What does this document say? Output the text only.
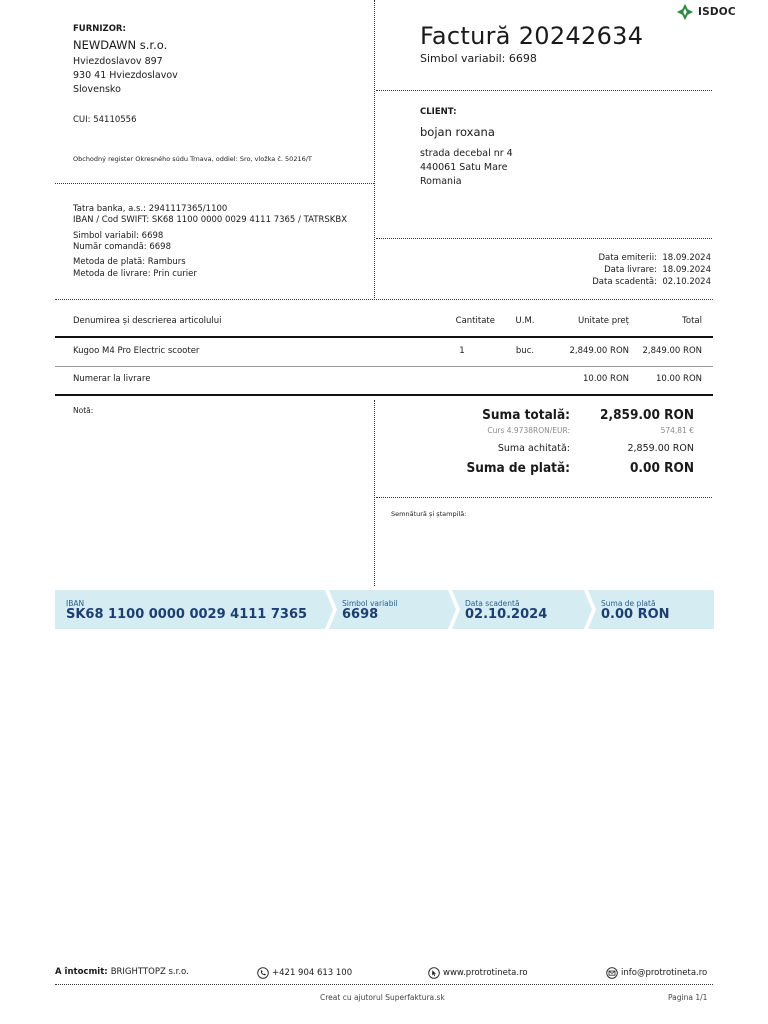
ISDOC
FURNIZOR:
NEWDAWN s.r.o.
Hviezdoslavov 897
930 41 Hviezdoslavov
Slovensko
CUI: 54110556
Obchodný register Okresného súdu Trnava, oddiel: Sro, vložka č. 50216/T
Factură 20242634
Simbol variabil: 6698
CLIENT:
bojan roxana
strada decebal nr 4
440061 Satu Mare
Romania
Tatra banka, a.s.: 2941117365/1100
IBAN / Cod SWIFT: SK68 1100 0000 0029 4111 7365 / TATRSKBX
Simbol variabil: 6698
Număr comandă: 6698
Metoda de plată: Ramburs
Metoda de livrare: Prin curier
Data emiterii: 18.09.2024
Data livrare: 18.09.2024
Data scadentă: 02.10.2024
Denumirea și descrierea articolului	Cantitate	U.M.	Unitate preț	Total
Kugoo M4 Pro Electric scooter	1	buc.	2,849.00 RON	2,849.00 RON
Numerar la livrare	10.00 RON	10.00 RON
Notă:	Suma totală: 2,859.00 RON
Curs 4.9738RON/EUR:	574,81 €
Suma achitată:	2,859.00 RON
Suma de plată:	0.00 RON
Semnătură și ștampilă:
IBAN
SK68 1100 0000 0029 4111 7365
Simbol variabil
6698
Data scadentă
02.10.2024
Suma de plată
0.00 RON
A întocmit: BRIGHTTOPZ s.r.o.	+421 904 613 100	www.protrotineta.ro	info@protrotineta.ro
Creat cu ajutorul Superfaktura.sk	Pagina 1/1
